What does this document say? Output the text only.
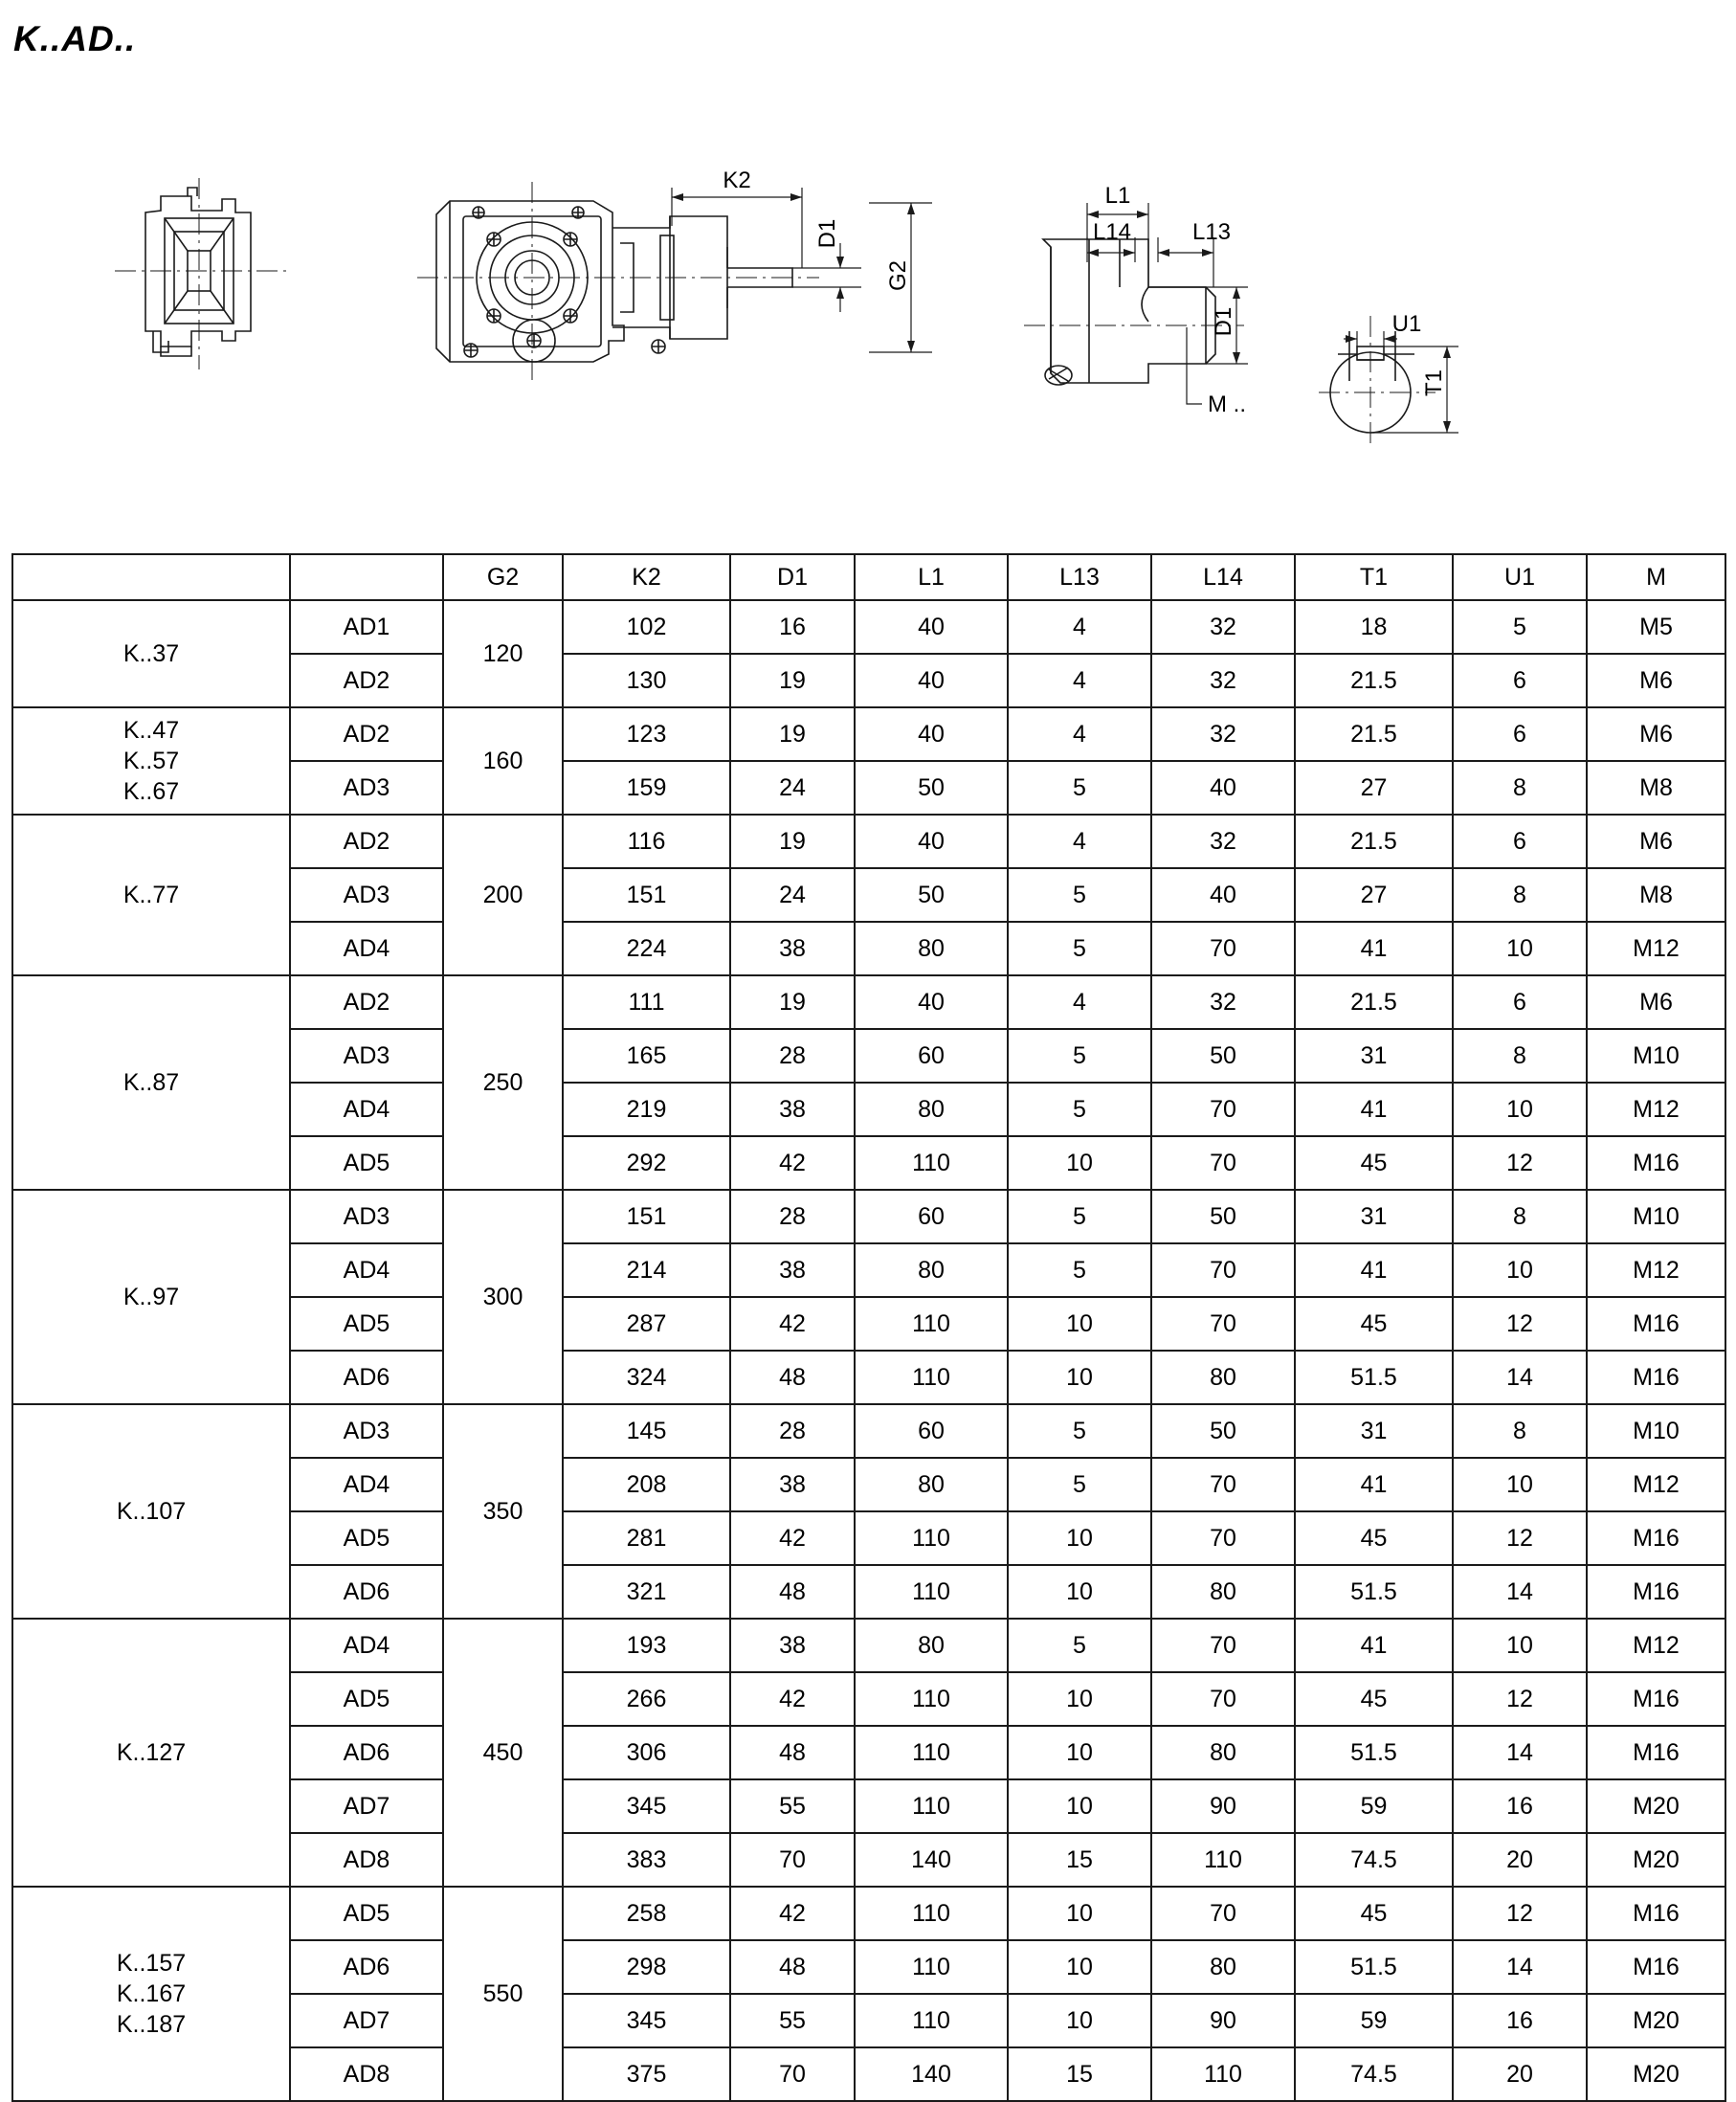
K..AD..
K2
D1
G2
L1
L14	L13
D1
M ..
U1
T1
		G2	K2	D1	L1	L13	L14	T1	U1	M
K..37	AD1	120	102	16	40	4	32	18	5	M5
	AD2		130	19	40	4	32	21.5	6	M6
K..47
K..57
K..67	AD2	160	123	19	40	4	32	21.5	6	M6
	AD3		159	24	50	5	40	27	8	M8
K..77	AD2	200	116	19	40	4	32	21.5	6	M6
	AD3		151	24	50	5	40	27	8	M8
	AD4		224	38	80	5	70	41	10	M12
K..87	AD2	250	111	19	40	4	32	21.5	6	M6
	AD3		165	28	60	5	50	31	8	M10
	AD4		219	38	80	5	70	41	10	M12
	AD5		292	42	110	10	70	45	12	M16
K..97	AD3	300	151	28	60	5	50	31	8	M10
	AD4		214	38	80	5	70	41	10	M12
	AD5		287	42	110	10	70	45	12	M16
	AD6		324	48	110	10	80	51.5	14	M16
K..107	AD3	350	145	28	60	5	50	31	8	M10
	AD4		208	38	80	5	70	41	10	M12
	AD5		281	42	110	10	70	45	12	M16
	AD6		321	48	110	10	80	51.5	14	M16
K..127	AD4	450	193	38	80	5	70	41	10	M12
	AD5		266	42	110	10	70	45	12	M16
	AD6		306	48	110	10	80	51.5	14	M16
	AD7		345	55	110	10	90	59	16	M20
	AD8		383	70	140	15	110	74.5	20	M20
K..157
K..167
K..187	AD5	550	258	42	110	10	70	45	12	M16
	AD6		298	48	110	10	80	51.5	14	M16
	AD7		345	55	110	10	90	59	16	M20
	AD8		375	70	140	15	110	74.5	20	M20
